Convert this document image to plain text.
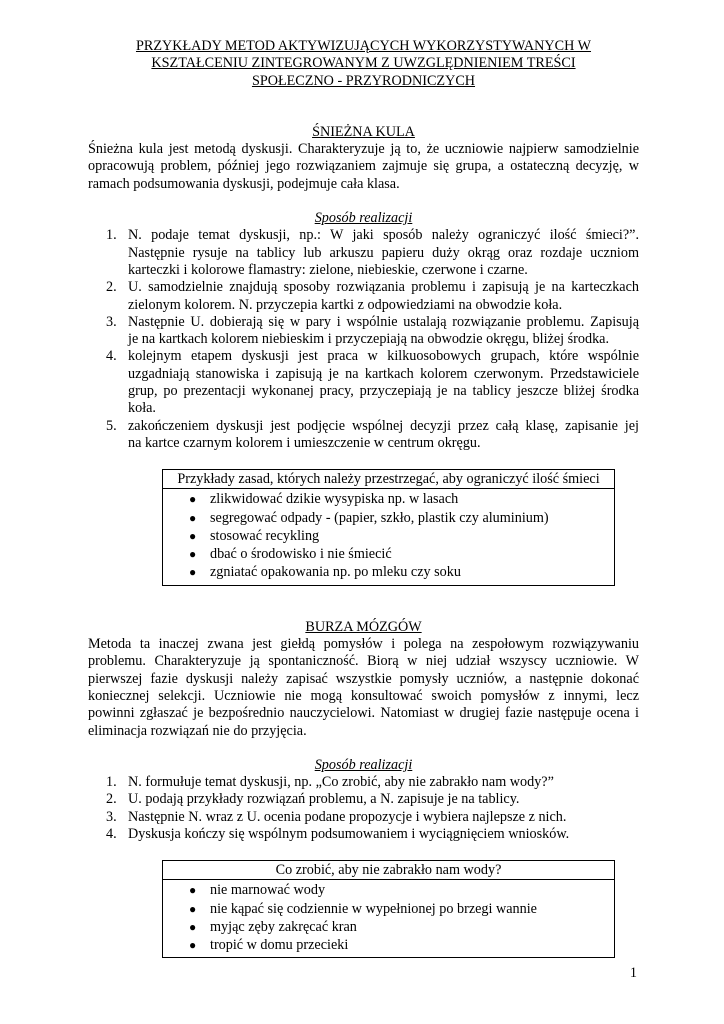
PRZYKŁADY METOD AKTYWIZUJĄCYCH WYKORZYSTYWANYCH W
KSZTAŁCENIU ZINTEGROWANYM Z UWZGLĘDNIENIEM TREŚCI
SPOŁECZNO - PRZYRODNICZYCH
ŚNIEŻNA KULA
Śnieżna kula jest metodą dyskusji. Charakteryzuje ją to, że uczniowie najpierw samodzielnie
opracowują problem, później jego rozwiązaniem zajmuje się grupa, a ostateczną decyzję, w
ramach podsumowania dyskusji, podejmuje cała klasa.
Sposób realizacji
1. N. podaje temat dyskusji, np.: W jaki sposób należy ograniczyć ilość śmieci?”.
Następnie rysuje na tablicy lub arkuszu papieru duży okrąg oraz rozdaje uczniom
karteczki i kolorowe flamastry: zielone, niebieskie, czerwone i czarne.
2. U. samodzielnie znajdują sposoby rozwiązania problemu i zapisują je na karteczkach
zielonym kolorem. N. przyczepia kartki z odpowiedziami na obwodzie koła.
3. Następnie U. dobierają się w pary i wspólnie ustalają rozwiązanie problemu. Zapisują
je na kartkach kolorem niebieskim i przyczepiają na obwodzie okręgu, bliżej środka.
4. kolejnym etapem dyskusji jest praca w kilkuosobowych grupach, które wspólnie
uzgadniają stanowiska i zapisują je na kartkach kolorem czerwonym. Przedstawiciele
grup, po prezentacji wykonanej pracy, przyczepiają je na tablicy jeszcze bliżej środka
koła.
5. zakończeniem dyskusji jest podjęcie wspólnej decyzji przez całą klasę, zapisanie jej
na kartce czarnym kolorem i umieszczenie w centrum okręgu.
Przykłady zasad, których należy przestrzegać, aby ograniczyć ilość śmieci
● zlikwidować dzikie wysypiska np. w lasach
● segregować odpady - (papier, szkło, plastik czy aluminium)
● stosować recykling
● dbać o środowisko i nie śmiecić
● zgniatać opakowania np. po mleku czy soku
BURZA MÓZGÓW
Metoda ta inaczej zwana jest giełdą pomysłów i polega na zespołowym rozwiązywaniu
problemu. Charakteryzuje ją spontaniczność. Biorą w niej udział wszyscy uczniowie. W
pierwszej fazie dyskusji należy zapisać wszystkie pomysły uczniów, a następnie dokonać
koniecznej selekcji. Uczniowie nie mogą konsultować swoich pomysłów z innymi, lecz
powinni zgłaszać je bezpośrednio nauczycielowi. Natomiast w drugiej fazie następuje ocena i
eliminacja rozwiązań nie do przyjęcia.
Sposób realizacji
1. N. formułuje temat dyskusji, np. „Co zrobić, aby nie zabrakło nam wody?”
2. U. podają przykłady rozwiązań problemu, a N. zapisuje je na tablicy.
3. Następnie N. wraz z U. ocenia podane propozycje i wybiera najlepsze z nich.
4. Dyskusja kończy się wspólnym podsumowaniem i wyciągnięciem wniosków.
Co zrobić, aby nie zabrakło nam wody?
● nie marnować wody
● nie kąpać się codziennie w wypełnionej po brzegi wannie
● myjąc zęby zakręcać kran
● tropić w domu przecieki
1
